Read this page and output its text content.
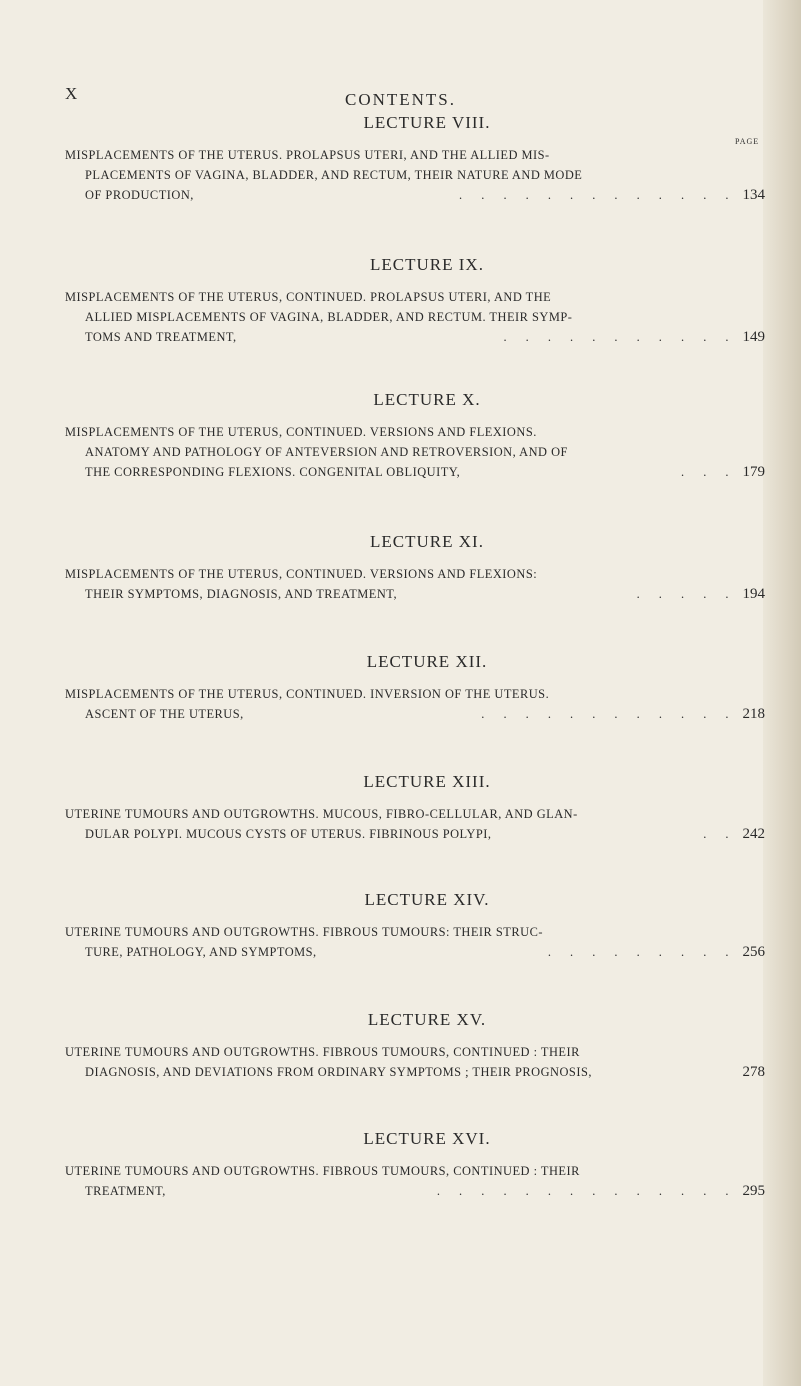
X	CONTENTS.
PAGE
LECTURE VIII.
MISPLACEMENTS OF THE UTERUS. PROLAPSUS UTERI, AND THE ALLIED MIS-
PLACEMENTS OF VAGINA, BLADDER, AND RECTUM, THEIR NATURE AND MODE
OF PRODUCTION,	. . . . . . . . . . . . . 134
LECTURE IX.
MISPLACEMENTS OF THE UTERUS, CONTINUED. PROLAPSUS UTERI, AND THE
ALLIED MISPLACEMENTS OF VAGINA, BLADDER, AND RECTUM. THEIR SYMP-
TOMS AND TREATMENT,	. . . . . . . . . . . 149
LECTURE X.
MISPLACEMENTS OF THE UTERUS, CONTINUED. VERSIONS AND FLEXIONS.
ANATOMY AND PATHOLOGY OF ANTEVERSION AND RETROVERSION, AND OF
THE CORRESPONDING FLEXIONS. CONGENITAL OBLIQUITY,	. . . 179
LECTURE XI.
MISPLACEMENTS OF THE UTERUS, CONTINUED. VERSIONS AND FLEXIONS:
THEIR SYMPTOMS, DIAGNOSIS, AND TREATMENT,	. . . . . 194
LECTURE XII.
MISPLACEMENTS OF THE UTERUS, CONTINUED. INVERSION OF THE UTERUS.
ASCENT OF THE UTERUS,	. . . . . . . . . . . . 218
LECTURE XIII.
UTERINE TUMOURS AND OUTGROWTHS. MUCOUS, FIBRO-CELLULAR, AND GLAN-
DULAR POLYPI. MUCOUS CYSTS OF UTERUS. FIBRINOUS POLYPI,	. . 242
LECTURE XIV.
UTERINE TUMOURS AND OUTGROWTHS. FIBROUS TUMOURS: THEIR STRUC-
TURE, PATHOLOGY, AND SYMPTOMS,	. . . . . . . . . 256
LECTURE XV.
UTERINE TUMOURS AND OUTGROWTHS. FIBROUS TUMOURS, CONTINUED : THEIR
DIAGNOSIS, AND DEVIATIONS FROM ORDINARY SYMPTOMS ; THEIR PROGNOSIS,	278
LECTURE XVI.
UTERINE TUMOURS AND OUTGROWTHS. FIBROUS TUMOURS, CONTINUED : THEIR
TREATMENT,	. . . . . . . . . . . . . . 295
